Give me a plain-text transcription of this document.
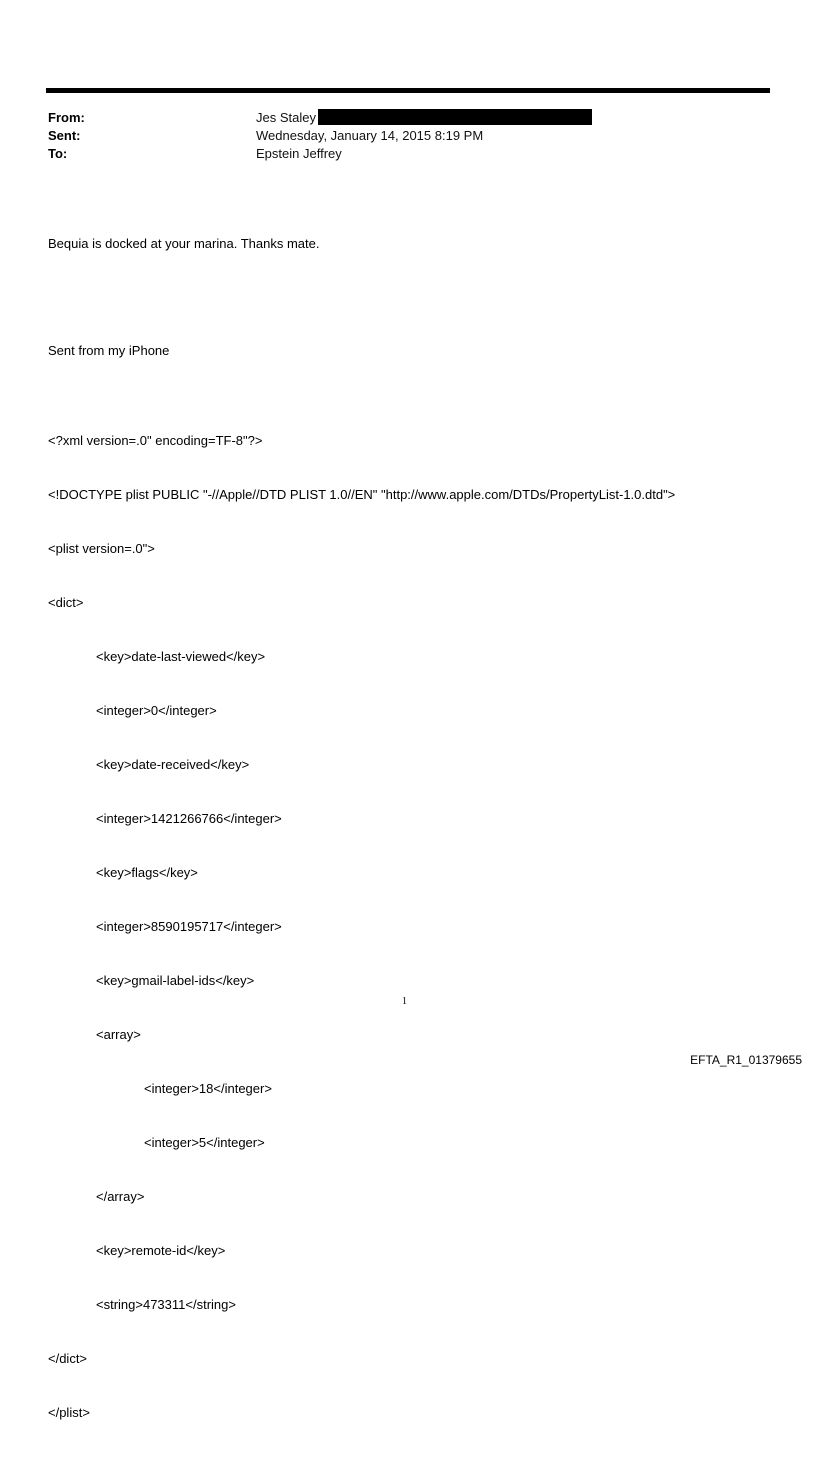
From:	Jes Staley
Sent:	Wednesday, January 14, 2015 8:19 PM
To:	Epstein Jeffrey

Bequia is docked at your marina. Thanks mate.

Sent from my iPhone

<?xml version=.0" encoding=TF-8"?>

<!DOCTYPE plist PUBLIC "-//Apple//DTD PLIST 1.0//EN" "http://www.apple.com/DTDs/PropertyList-1.0.dtd">

<plist version=.0">

<dict>

<key>date-last-viewed</key>

<integer>0</integer>

<key>date-received</key>

<integer>1421266766</integer>

<key>flags</key>

<integer>8590195717</integer>

<key>gmail-label-ids</key>

<array>

<integer>18</integer>

<integer>5</integer>

</array>

<key>remote-id</key>

<string>473311</string>

</dict>

</plist>

1
EFTA_R1_01379655
